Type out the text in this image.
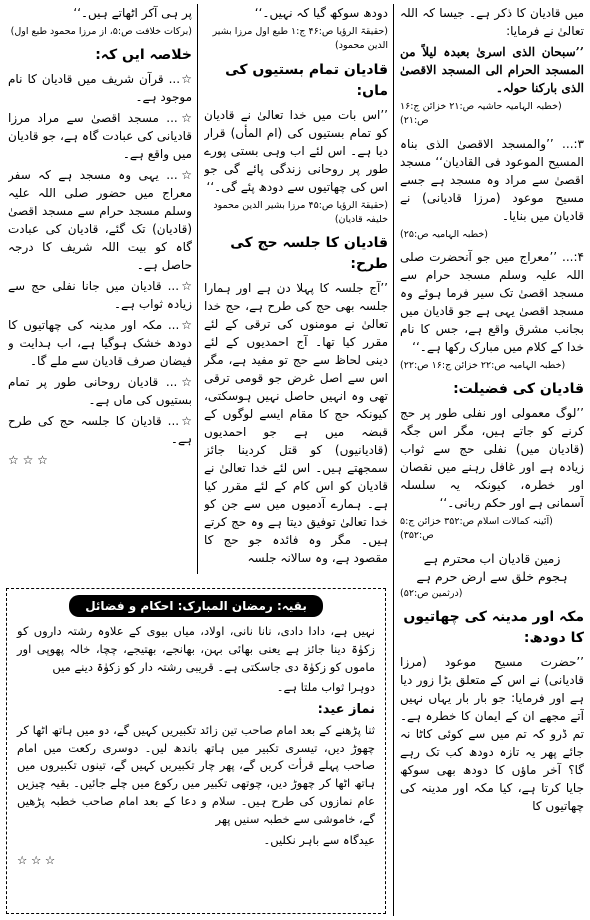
میں قادیان کا ذکر ہے۔ جیسا کہ اللہ تعالیٰ نے فرمایا:

’’سبحان الذی اسریٰ بعبدہ لیلاً من المسجد الحرام الی المسجد الاقصیٰ الذی بارکنا حولہ۔

(خطبہ الہامیہ حاشیہ ص:۲۱ خزائن ج:۱۶ ص:۲۱)

۳:... ’’والمسجد الاقصیٰ الذی بناہ المسیح الموعود فی القادیان‘‘ مسجد اقصیٰ سے مراد وہ مسجد ہے جسے مسیح موعود (مرزا قادیانی) نے قادیان میں بنایا۔

(خطبہ الہامیہ ص:۲۵)

۴:... ’’معراج میں جو آنحضرت صلی اللہ علیہ وسلم مسجد حرام سے مسجد اقصیٰ تک سیر فرما ہوئے وہ مسجد اقصیٰ یہی ہے جو قادیان میں بجانب مشرق واقع ہے، جس کا نام خدا کے کلام میں مبارک رکھا ہے۔‘‘

(خطبہ الہامیہ ص:۲۲ خزائن ج:۱۶ ص:۲۲)

قادیان کی فضیلت:

’’لوگ معمولی اور نفلی طور پر حج کرنے کو جاتے ہیں، مگر اس جگہ (قادیان میں) نفلی حج سے ثواب زیادہ ہے اور غافل رہنے میں نقصان اور خطرہ، کیونکہ یہ سلسلہ آسمانی ہے اور حکم ربانی۔‘‘

(آئینہ کمالات اسلام ص:۳۵۲ خزائن ج:۵ ص:۳۵۲)

زمین قادیان اب محترم ہے

ہجوم خلق سے ارض حرم ہے

(درثمین ص:۵۲)

مکہ اور مدینہ کی چھاتیوں کا دودھ:

’’حضرت مسیح موعود (مرزا قادیانی) نے اس کے متعلق بڑا زور دیا ہے اور فرمایا: جو بار بار یہاں نہیں آتے مجھے ان کے ایمان کا خطرہ ہے۔ تم ڈرو کہ تم میں سے کوئی کاٹا نہ جائے پھر یہ تازہ دودھ کب تک رہے گا؟ آخر ماؤں کا دودھ بھی سوکھ جایا کرتا ہے، کیا مکہ اور مدینہ کی چھاتیوں کا

دودھ سوکھ گیا کہ نہیں۔‘‘

(حقیقۃ الرؤیا ص:۴۶ ج:۱ طبع اول مرزا بشیر الدین محمود)

قادیان تمام بستیوں کی ماں:

’’اس بات میں خدا تعالیٰ نے قادیان کو تمام بستیوں کی (ام المأں) قرار دیا ہے۔ اس لئے اب وہی بستی پورے طور پر روحانی زندگی پائے گی جو اس کی چھاتیوں سے دودھ پئے گی۔‘‘

(حقیقۃ الرؤیا ص:۴۵ مرزا بشیر الدین محمود خلیفہ قادیان)

قادیان کا جلسہ حج کی طرح:

’’آج جلسہ کا پہلا دن ہے اور ہمارا جلسہ بھی حج کی طرح ہے، حج خدا تعالیٰ نے مومنوں کی ترقی کے لئے مقرر کیا تھا۔ آج احمدیوں کے لئے دینی لحاظ سے حج تو مفید ہے، مگر اس سے اصل غرض جو قومی ترقی تھی وہ انہیں حاصل نہیں ہوسکتی، کیونکہ حج کا مقام ایسے لوگوں کے قبضہ میں ہے جو احمدیوں (قادیانیوں) کو قتل کردینا جائز سمجھتے ہیں۔ اس لئے خدا تعالیٰ نے قادیان کو اس کام کے لئے مقرر کیا ہے۔ ہمارے آدمیوں میں سے جن کو خدا تعالیٰ توفیق دیتا ہے وہ حج کرتے ہیں۔ مگر وہ فائدہ جو حج کا مقصود ہے، وہ سالانہ جلسہ

پر ہی آکر اٹھاتے ہیں۔‘‘

(برکات خلافت ص:۵، از مرزا محمود طبع اول)

خلاصہ ایں کہ:

☆... قرآن شریف میں قادیان کا نام موجود ہے۔

☆... مسجد اقصیٰ سے مراد مرزا قادیانی کی عبادت گاہ ہے، جو قادیان میں واقع ہے۔

☆... یہی وہ مسجد ہے کہ سفر معراج میں حضور صلی اللہ علیہ وسلم مسجد حرام سے مسجد اقصیٰ (قادیان) تک گئے، قادیان کی عبادت گاہ کو بیت اللہ شریف کا درجہ حاصل ہے۔

☆... قادیان میں جانا نفلی حج سے زیادہ ثواب ہے۔

☆... مکہ اور مدینہ کی چھاتیوں کا دودھ خشک ہوگیا ہے، اب ہدایت و فیضان صرف قادیان سے ملے گا۔

☆... قادیان روحانی طور پر تمام بستیوں کی ماں ہے۔

☆... قادیان کا جلسہ حج کی طرح ہے۔

☆ ☆ ☆

بقیہ: رمضان المبارک: احکام و فضائل

نہیں ہے، دادا دادی، نانا نانی، اولاد، میاں بیوی کے علاوہ رشتہ داروں کو زکوٰۃ دینا جائز ہے یعنی بھائی بہن، بھانجے، بھتیجے، چچا، خالہ پھوپی اور ماموں کو زکوٰۃ دی جاسکتی ہے۔ قریبی رشتہ دار کو زکوٰۃ دینے میں

دوہرا ثواب ملتا ہے۔

نماز عید:

ثنا پڑھنے کے بعد امام صاحب تین زائد تکبیریں کہیں گے، دو میں ہاتھ اٹھا کر چھوڑ دیں، تیسری تکبیر میں ہاتھ باندھ لیں۔ دوسری رکعت میں امام صاحب پہلے قرأت کریں گے، پھر چار تکبیریں کہیں گے، تینوں تکبیروں میں ہاتھ اٹھا کر چھوڑ دیں، چوتھی تکبیر میں رکوع میں چلے جائیں۔ بقیہ چیزیں عام نمازوں کی طرح ہیں۔ سلام و دعا کے بعد امام صاحب خطبہ پڑھیں گے، خاموشی سے خطبہ سنیں پھر

عیدگاہ سے باہر نکلیں۔

☆ ☆ ☆
